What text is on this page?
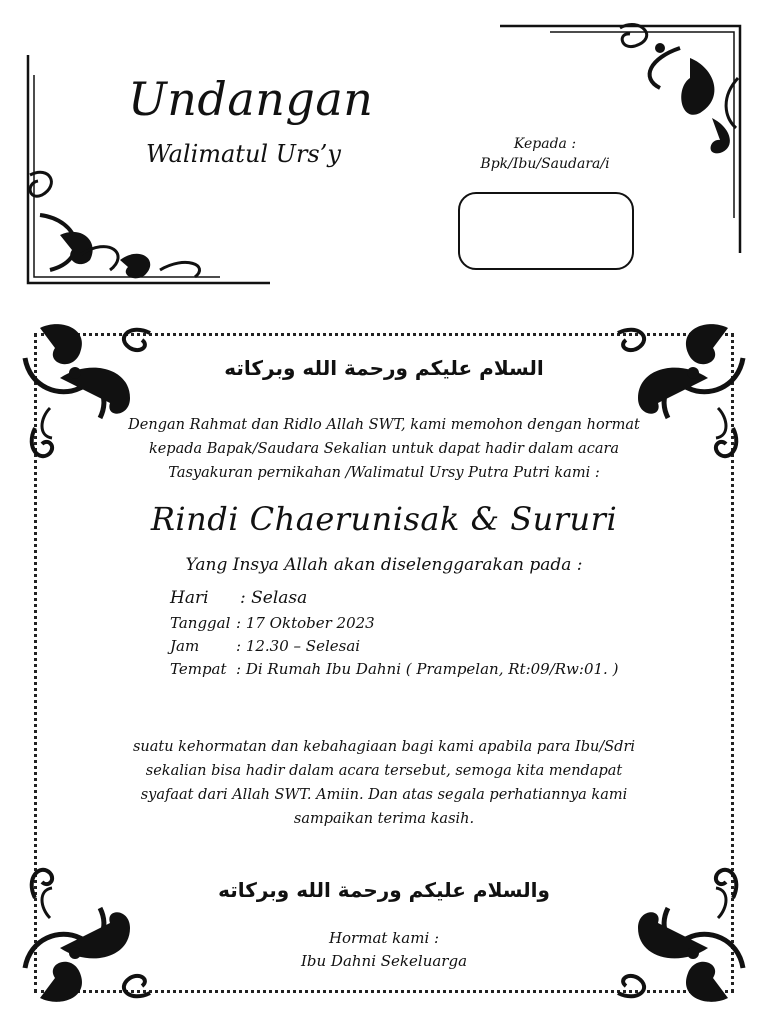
Undangan
Walimatul Urs’y	Kepada :
Bpk/Ibu/Saudara/i
السلام عليكم ورحمة الله وبركاته
Dengan Rahmat dan Ridlo Allah SWT, kami memohon dengan hormat
kepada Bapak/Saudara Sekalian untuk dapat hadir dalam acara
Tasyakuran pernikahan /Walimatul Ursy Putra Putri kami :
Rindi Chaerunisak & Sururi
Yang Insya Allah akan diselenggarakan pada :
Hari : Selasa
Tanggal : 17 Oktober 2023
Jam : 12.30 – Selesai
Tempat : Di Rumah Ibu Dahni ( Prampelan, Rt:09/Rw:01. )
suatu kehormatan dan kebahagiaan bagi kami apabila para Ibu/Sdri
sekalian bisa hadir dalam acara tersebut, semoga kita mendapat
syafaat dari Allah SWT. Amiin. Dan atas segala perhatiannya kami
sampaikan terima kasih.
والسلام عليكم ورحمة الله وبركاته
Hormat kami :
Ibu Dahni Sekeluarga
